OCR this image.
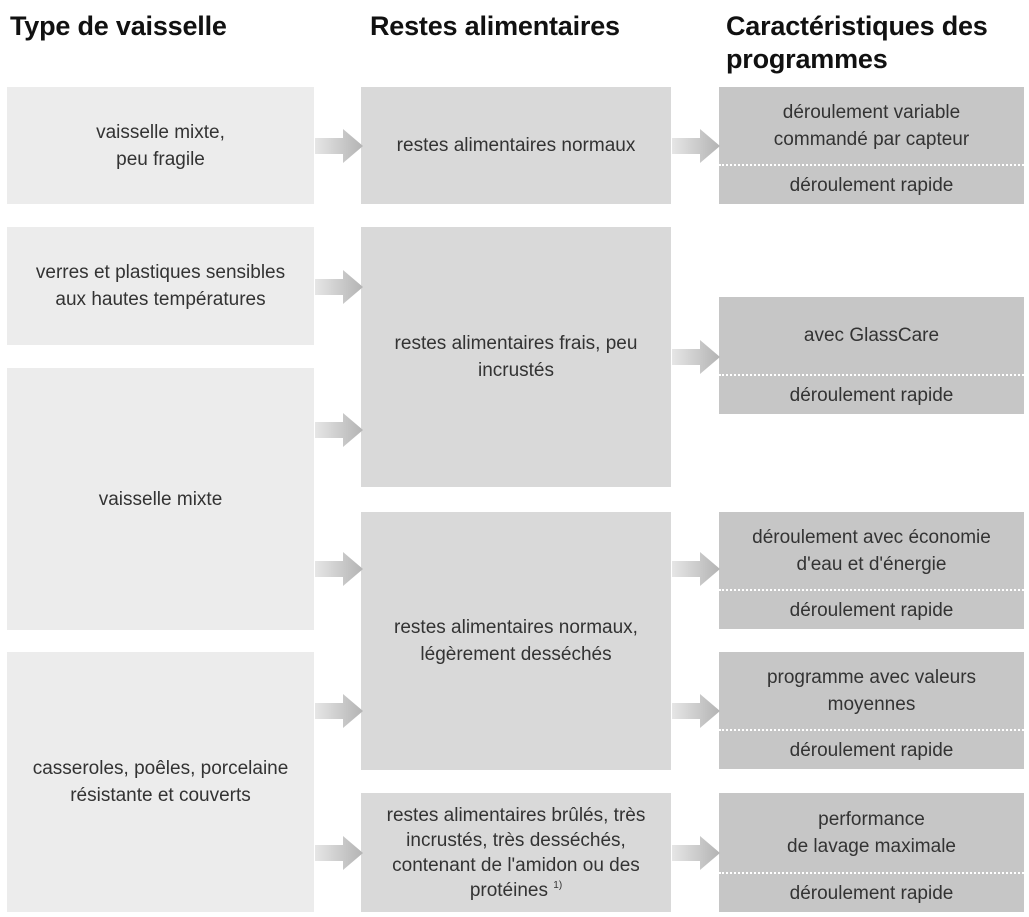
Type de vaisselle	Restes alimentaires	Caractéristiques des
programmes
vaisselle mixte,
peu fragile
verres et plastiques sensibles
aux hautes températures
vaisselle mixte
casseroles, poêles, porcelaine
résistante et couverts
restes alimentaires normaux
restes alimentaires frais, peu
incrustés
restes alimentaires normaux,
légèrement desséchés
restes alimentaires brûlés, très
incrustés, très desséchés,
contenant de l'amidon ou des
protéines $^{1)}$
déroulement variable
commandé par capteur
déroulement rapide
avec GlassCare
déroulement rapide
déroulement avec économie
d'eau et d'énergie
déroulement rapide
programme avec valeurs
moyennes
déroulement rapide
performance
de lavage maximale
déroulement rapide
